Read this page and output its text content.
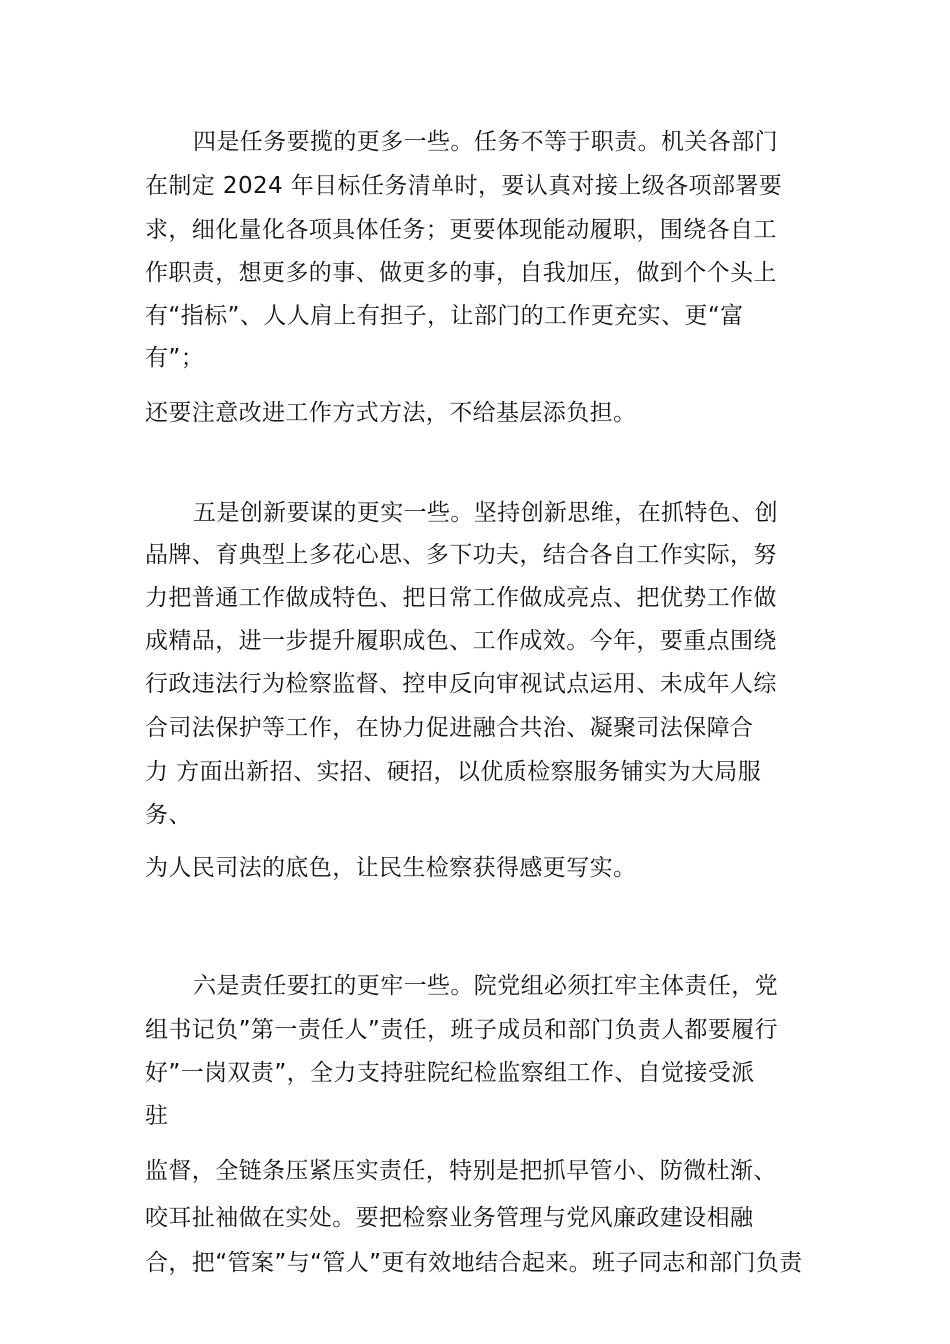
四是任务要揽的更多一些。任务不等于职责。机关各部门
在制定 2024 年目标任务清单时，要认真对接上级各项部署要
求，细化量化各项具体任务；更要体现能动履职，围绕各自工
作职责，想更多的事、做更多的事，自我加压，做到个个头上
有“指标”、人人肩上有担子，让部门的工作更充实、更“富
有”；
还要注意改进工作方式方法，不给基层添负担。
五是创新要谋的更实一些。坚持创新思维，在抓特色、创
品牌、育典型上多花心思、多下功夫，结合各自工作实际，努
力把普通工作做成特色、把日常工作做成亮点、把优势工作做
成精品，进一步提升履职成色、工作成效。今年，要重点围绕
行政违法行为检察监督、控申反向审视试点运用、未成年人综
合司法保护等工作，在协力促进融合共治、凝聚司法保障合
力 方面出新招、实招、硬招，以优质检察服务铺实为大局服
务、
为人民司法的底色，让民生检察获得感更写实。
六是责任要扛的更牢一些。院党组必须扛牢主体责任，党
组书记负”第一责任人”责任，班子成员和部门负责人都要履行
好”一岗双责”，全力支持驻院纪检监察组工作、自觉接受派
驻
监督，全链条压紧压实责任，特别是把抓早管小、防微杜渐、
咬耳扯袖做在实处。要把检察业务管理与党风廉政建设相融
合，把“管案”与“管人”更有效地结合起来。班子同志和部门负责
